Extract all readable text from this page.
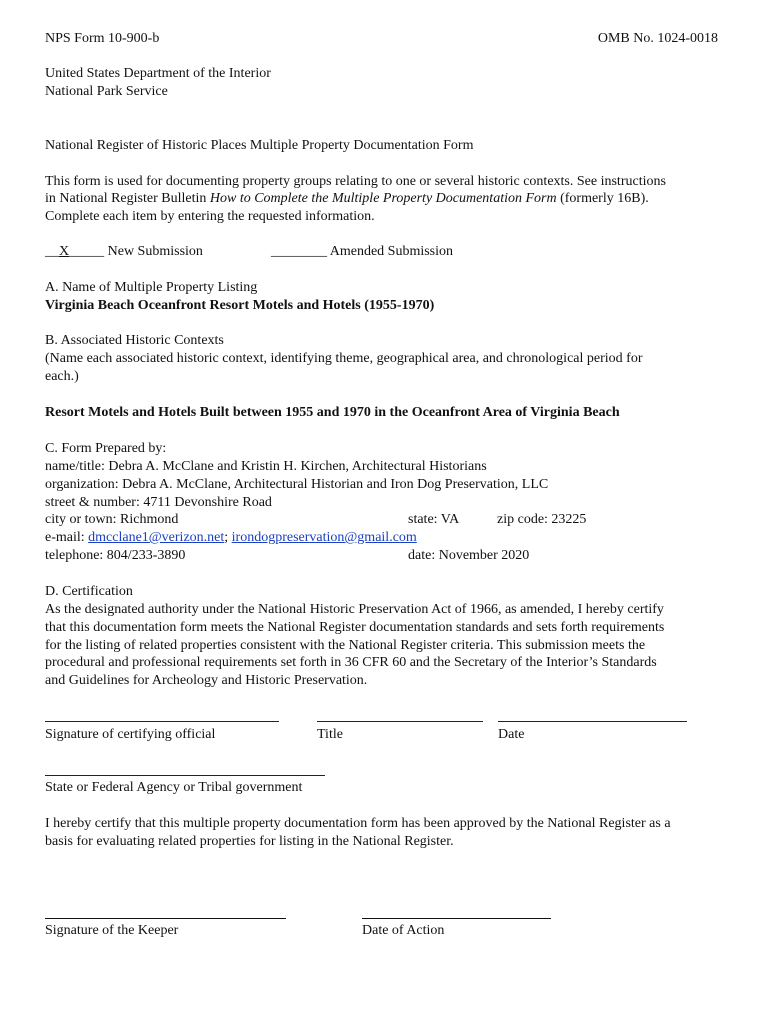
NPS Form 10-900-b	OMB No. 1024-0018
United States Department of the Interior
National Park Service
National Register of Historic Places Multiple Property Documentation Form
This form is used for documenting property groups relating to one or several historic contexts. See instructions
in National Register Bulletin How to Complete the Multiple Property Documentation Form (formerly 16B).
Complete each item by entering the requested information.
__X_____ New Submission	________ Amended Submission
A. Name of Multiple Property Listing
Virginia Beach Oceanfront Resort Motels and Hotels (1955-1970)
B. Associated Historic Contexts
(Name each associated historic context, identifying theme, geographical area, and chronological period for
each.)
Resort Motels and Hotels Built between 1955 and 1970 in the Oceanfront Area of Virginia Beach
C. Form Prepared by:
name/title: Debra A. McClane and Kristin H. Kirchen, Architectural Historians
organization: Debra A. McClane, Architectural Historian and Iron Dog Preservation, LLC
street & number: 4711 Devonshire Road
city or town: Richmond	state: VA	zip code: 23225
e-mail: dmcclane1@verizon.net; irondogpreservation@gmail.com
telephone: 804/233-3890	date: November 2020
D. Certification
As the designated authority under the National Historic Preservation Act of 1966, as amended, I hereby certify
that this documentation form meets the National Register documentation standards and sets forth requirements
for the listing of related properties consistent with the National Register criteria. This submission meets the
procedural and professional requirements set forth in 36 CFR 60 and the Secretary of the Interior’s Standards
and Guidelines for Archeology and Historic Preservation.
Signature of certifying official	Title	Date
State or Federal Agency or Tribal government
I hereby certify that this multiple property documentation form has been approved by the National Register as a
basis for evaluating related properties for listing in the National Register.
Signature of the Keeper	Date of Action
